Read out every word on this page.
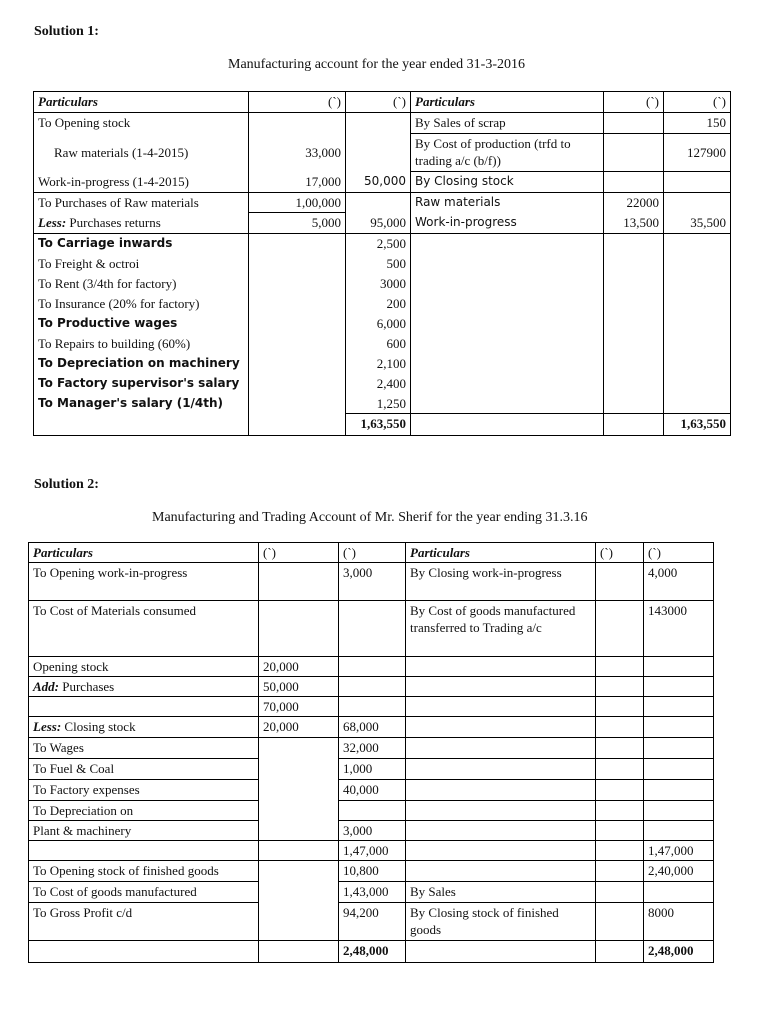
Solution 1:
Manufacturing account for the year ended 31-3-2016
Particulars	(`)	(`)	Particulars	(`)	(`)
To Opening stock			By Sales of scrap		150
Raw materials (1-4-2015)	33,000		By Cost of production (trfd to trading a/c (b/f))		127900
Work-in-progress (1-4-2015)	17,000	50,000	By Closing stock		
To Purchases of Raw materials	1,00,000		Raw materials	22000	
Less: Purchases returns	5,000	95,000	Work-in-progress	13,500	35,500
To Carriage inwards		2,500			
To Freight & octroi		500			
To Rent (3/4th for factory)		3000			
To Insurance (20% for factory)		200			
To Productive wages		6,000			
To Repairs to building (60%)		600			
To Depreciation on machinery		2,100			
To Factory supervisor's salary		2,400			
To Manager's salary (1/4th)		1,250			
		1,63,550			1,63,550
Solution 2:
Manufacturing and Trading Account of Mr. Sherif for the year ending 31.3.16
Particulars	(`)	(`)	Particulars	(`)	(`)
To Opening work-in-progress		3,000	By Closing work-in-progress		4,000
To Cost of Materials consumed			By Cost of goods manufactured transferred to Trading a/c		143000
Opening stock	20,000				
Add: Purchases	50,000				
	70,000				
Less: Closing stock	20,000	68,000			
To Wages		32,000			
To Fuel & Coal		1,000			
To Factory expenses		40,000			
To Depreciation on					
Plant & machinery		3,000			
		1,47,000			1,47,000
To Opening stock of finished goods		10,800			2,40,000
To Cost of goods manufactured		1,43,000	By Sales		
To Gross Profit c/d		94,200	By Closing stock of finished goods		8000
		2,48,000			2,48,000
